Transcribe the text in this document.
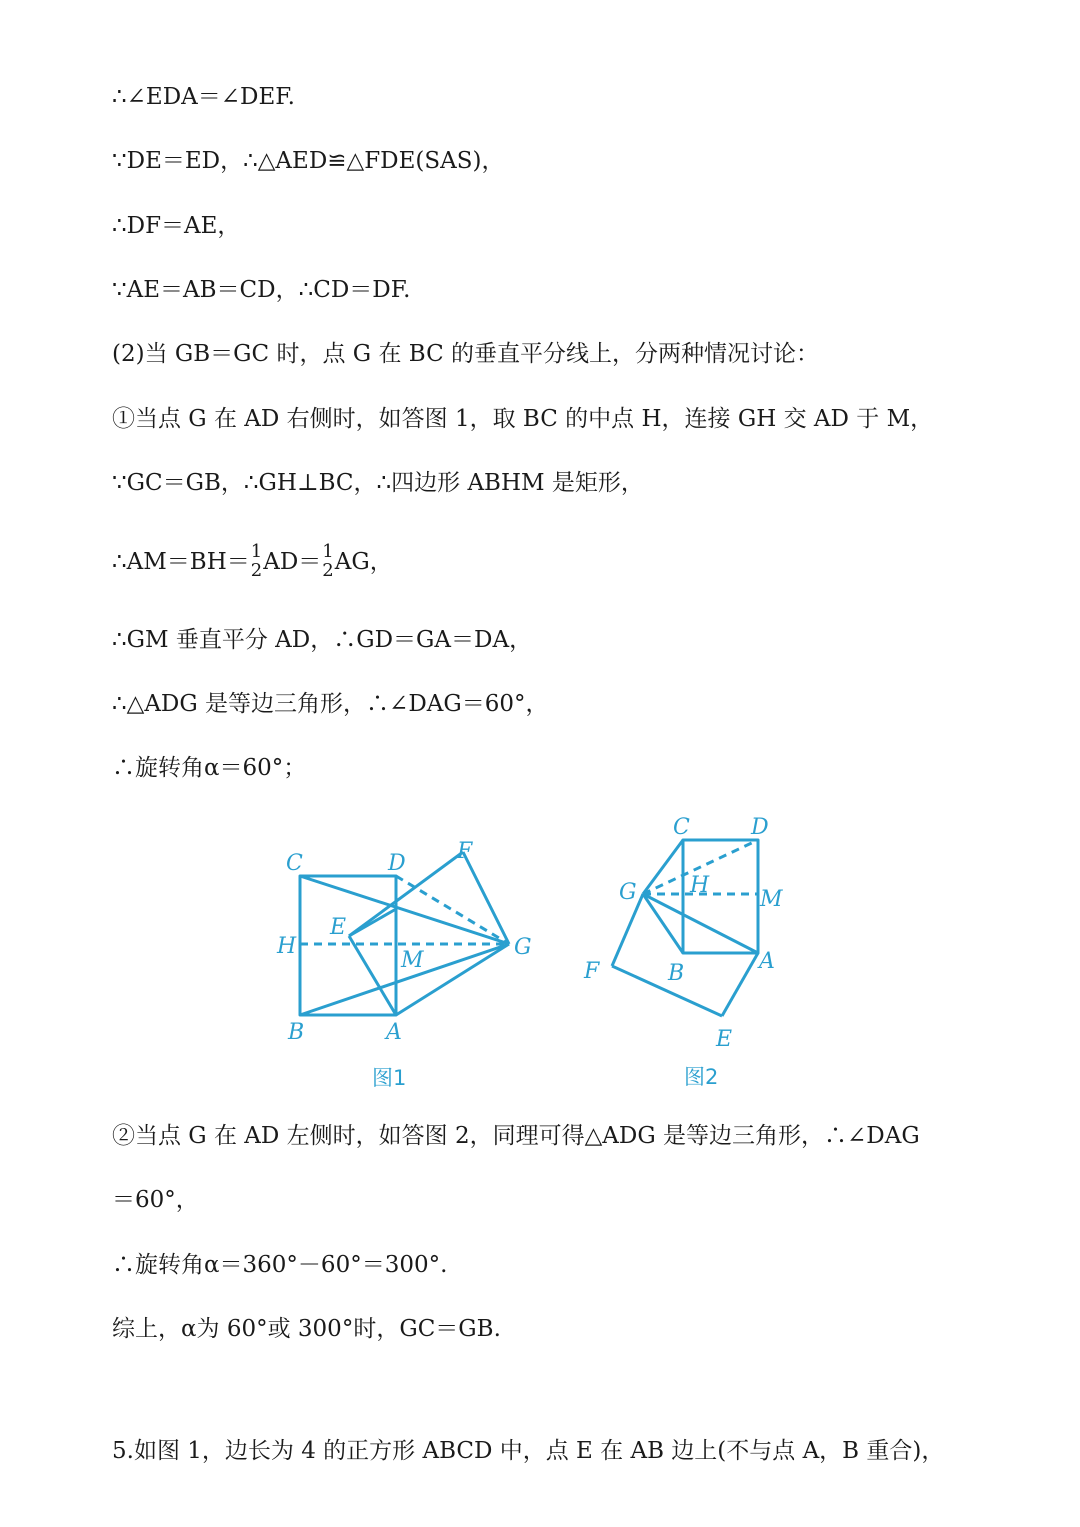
∴∠EDA＝∠DEF.
∵DE＝ED，∴△AED≌△FDE(SAS)，
∴DF＝AE，
∵AE＝AB＝CD，∴CD＝DF.
(2)当 GB＝GC 时，点 G 在 BC 的垂直平分线上，分两种情况讨论：
①当点 G 在 AD 右侧时，如答图 1，取 BC 的中点 H，连接 GH 交 AD 于 M，
∵GC＝GB，∴GH⊥BC，∴四边形 ABHM 是矩形，
∴AM＝BH＝ 1
2 AD＝ 1
2 AG，
∴GM 垂直平分 AD，∴GD＝GA＝DA，
∴△ADG 是等边三角形，∴∠DAG＝60°，
∴旋转角α＝60°；
C	D F
E
H
M
G
B	A
图1
C	D
G H
M
F	B	A
E
图2
②当点 G 在 AD 左侧时，如答图 2，同理可得△ADG 是等边三角形，∴∠DAG
＝60°，
∴旋转角α＝360°－60°＝300°.
综上，α为 60°或 300°时，GC＝GB.
5.如图 1，边长为 4 的正方形 ABCD 中，点 E 在 AB 边上(不与点 A，B 重合)，
